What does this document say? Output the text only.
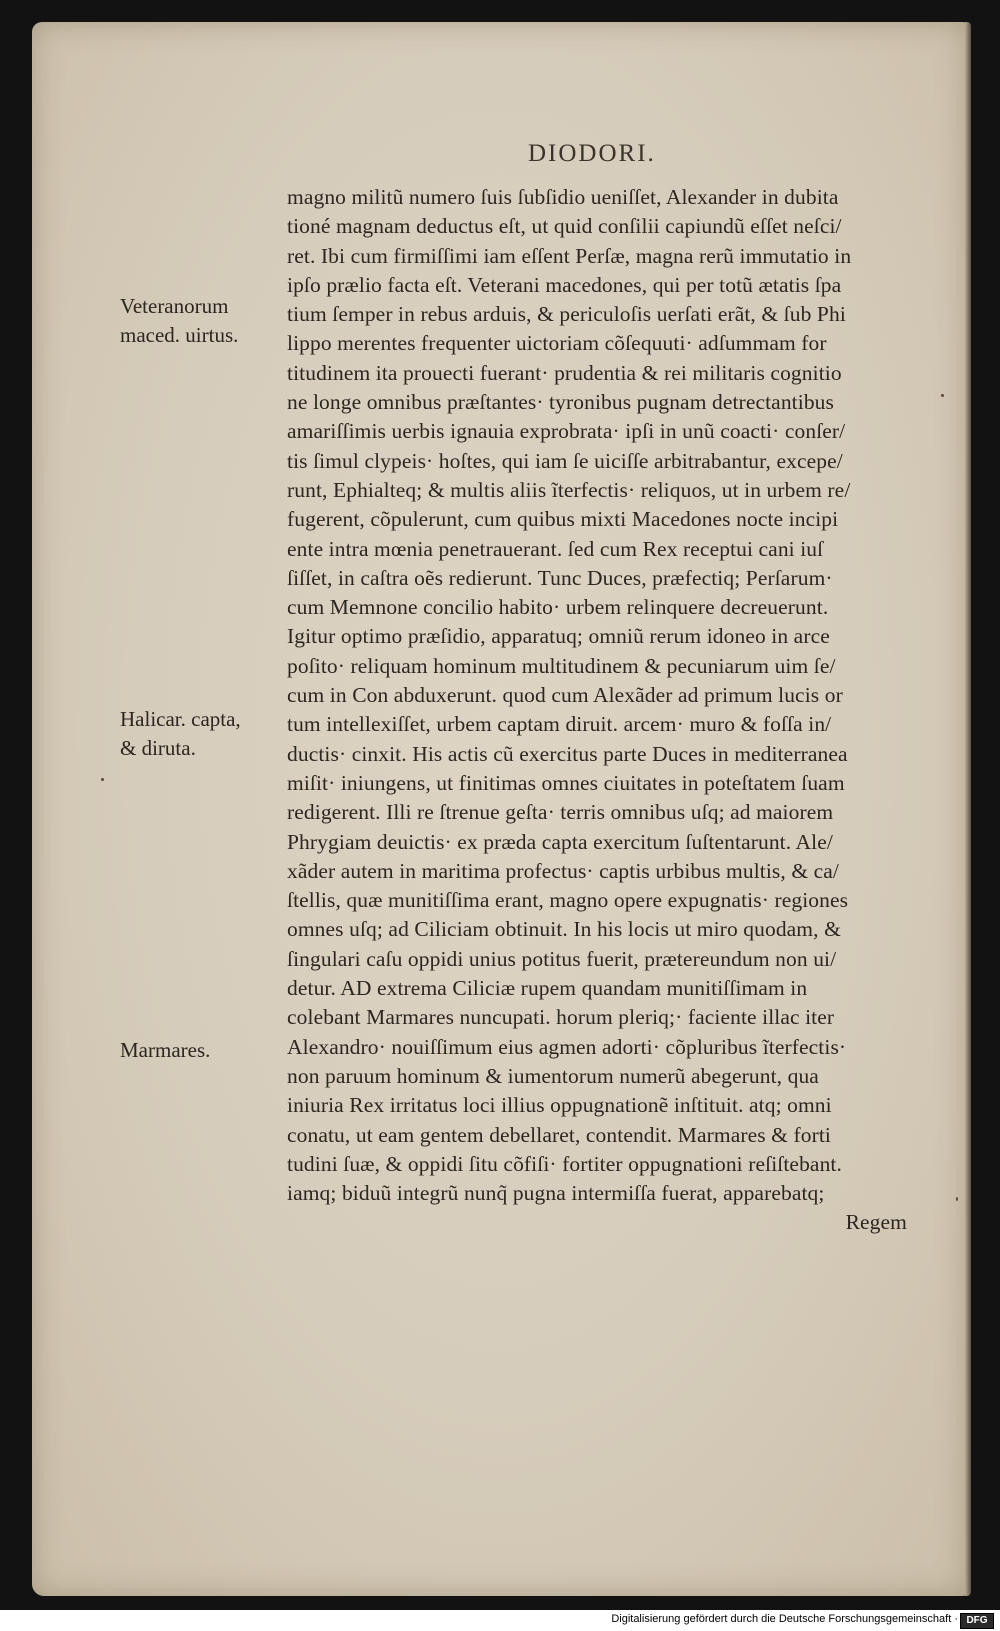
DIODORI.
Veteranorum
maced. uirtus.
Halicar. capta,
& diruta.
Marmares.
magno militũ numero ſuis ſubſidio ueniſſet, Alexander in dubita
tioné magnam deductus eſt, ut quid conſilii capiundũ eſſet neſci/
ret. Ibi cum firmiſſimi iam eſſent Perſæ, magna rerũ immutatio in
ipſo prælio facta eſt. Veterani macedones, qui per totũ ætatis ſpa
tium ſemper in rebus arduis, & periculoſis uerſati erãt, & ſub Phi
lippo merentes frequenter uictoriam cõſequuti· adſummam for
titudinem ita prouecti fuerant· prudentia & rei militaris cognitio
ne longe omnibus præſtantes· tyronibus pugnam detrectantibus
amariſſimis uerbis ignauia exprobrata· ipſi in unũ coacti· conſer/
tis ſimul clypeis· hoſtes, qui iam ſe uiciſſe arbitrabantur, excepe/
runt, Ephialteq; & multis aliis ĩterfectis· reliquos, ut in urbem re/
fugerent, cõpulerunt, cum quibus mixti Macedones nocte incipi
ente intra mœnia penetrauerant. ſed cum Rex receptui cani iuſ
ſiſſet, in caſtra oẽs redierunt. Tunc Duces, præfectiq; Perſarum·
cum Memnone concilio habito· urbem relinquere decreuerunt.
Igitur optimo præſidio, apparatuq; omniũ rerum idoneo in arce
poſito· reliquam hominum multitudinem & pecuniarum uim ſe/
cum in Con abduxerunt. quod cum Alexãder ad primum lucis or
tum intellexiſſet, urbem captam diruit. arcem· muro & foſſa in/
ductis· cinxit. His actis cũ exercitus parte Duces in mediterranea
miſit· iniungens, ut finitimas omnes ciuitates in poteſtatem ſuam
redigerent. Illi re ſtrenue geſta· terris omnibus uſq; ad maiorem
Phrygiam deuictis· ex præda capta exercitum ſuſtentarunt. Ale/
xãder autem in maritima profectus· captis urbibus multis, & ca/
ſtellis, quæ munitiſſima erant, magno opere expugnatis· regiones
omnes uſq; ad Ciliciam obtinuit. In his locis ut miro quodam, &
ſingulari caſu oppidi unius potitus fuerit, prætereundum non ui/
detur. AD extrema Ciliciæ rupem quandam munitiſſimam in
colebant Marmares nuncupati. horum pleriq;· faciente illac iter
Alexandro· nouiſſimum eius agmen adorti· cõpluribus ĩterfectis·
non paruum hominum & iumentorum numerũ abegerunt, qua
iniuria Rex irritatus loci illius oppugnationẽ inſtituit. atq; omni
conatu, ut eam gentem debellaret, contendit. Marmares & forti
tudini ſuæ, & oppidi ſitu cõfiſi· fortiter oppugnationi reſiſtebant.
iamq; biduũ integrũ nunq̃ pugna intermiſſa fuerat, apparebatq;
Regem
Digitalisierung gefördert durch die Deutsche Forschungsgemeinschaft · DFG
